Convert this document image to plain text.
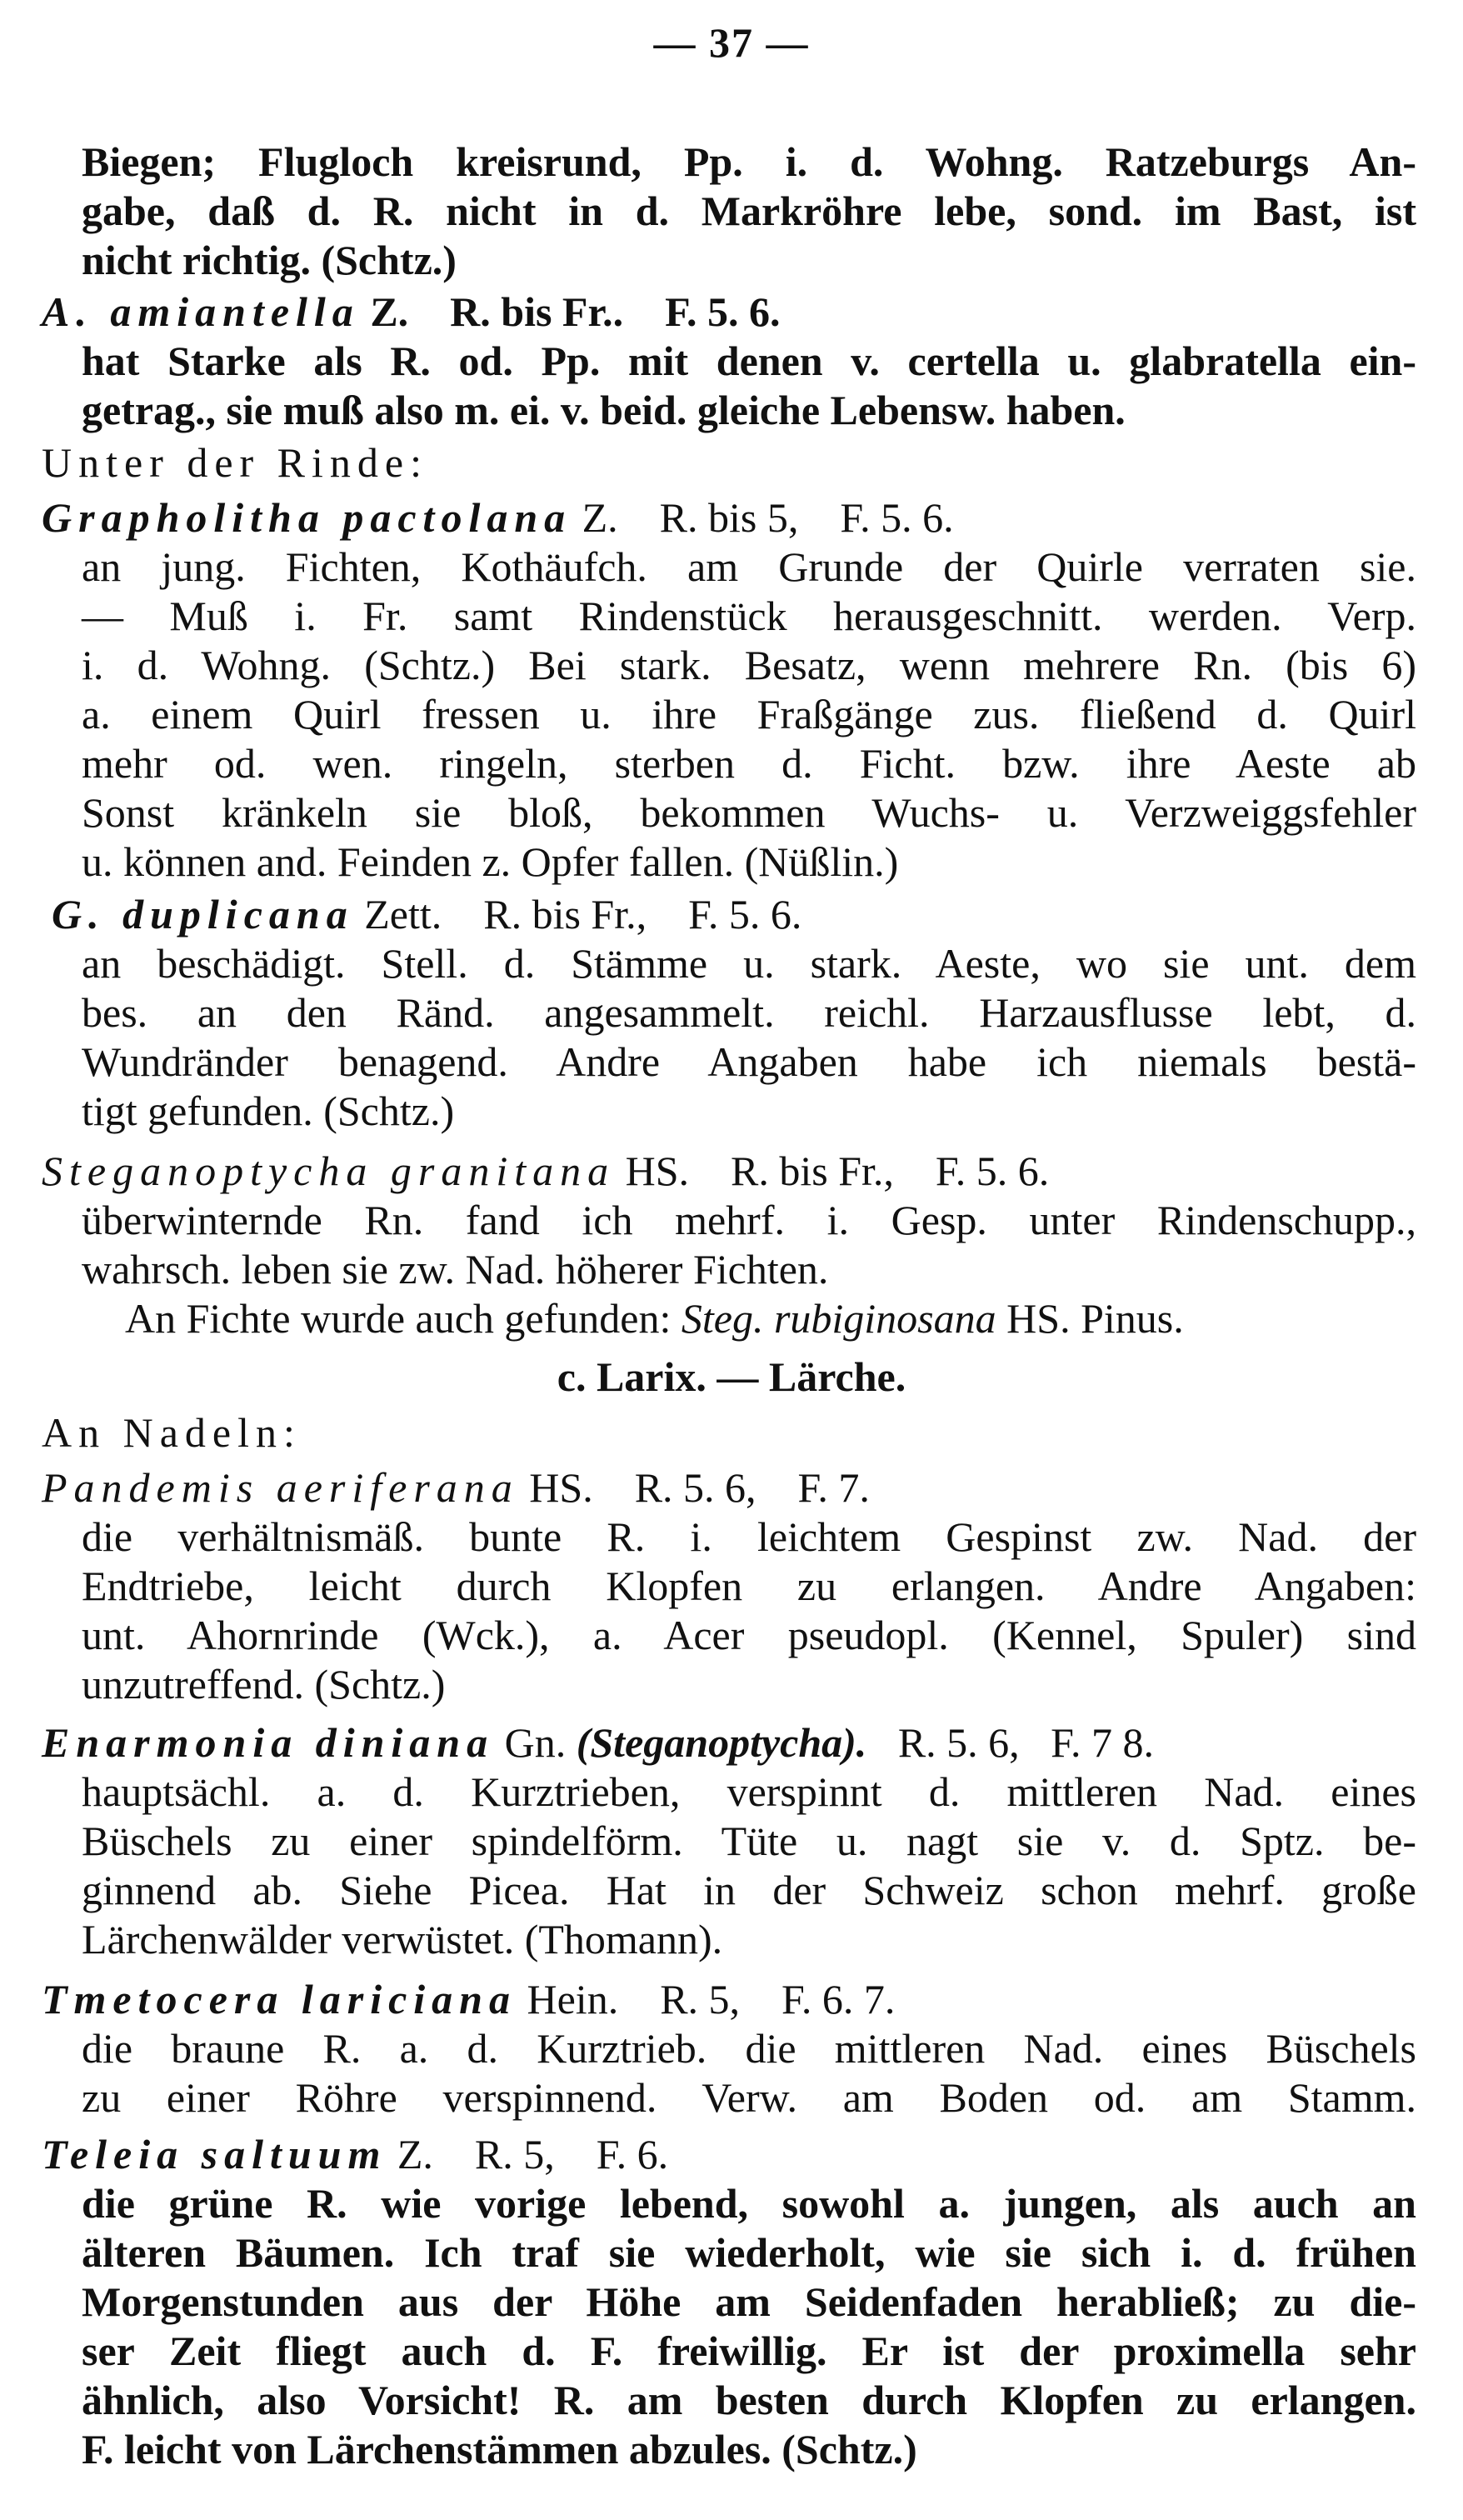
— 37 —
Biegen; Flugloch kreisrund, Pp. i. d. Wohng. Ratzeburgs An-
gabe, daß d. R. nicht in d. Markröhre lebe, sond. im Bast, ist
nicht richtig. (Schtz.)
A. amiantella Z.    R. bis Fr..    F. 5. 6.
hat Starke als R. od. Pp. mit denen v. certella u. glabratella ein-
getrag., sie muß also m. ei. v. beid. gleiche Lebensw. haben.
Unter der Rinde:
Grapholitha pactolana Z.    R. bis 5,    F. 5. 6.
an jung. Fichten, Kothäufch. am Grunde der Quirle verraten sie.
— Muß i. Fr. samt Rindenstück herausgeschnitt. werden. Verp.
i. d. Wohng. (Schtz.) Bei stark. Besatz, wenn mehrere Rn. (bis 6)
a. einem Quirl fressen u. ihre Fraßgänge zus. fließend d. Quirl
mehr od. wen. ringeln, sterben d. Ficht. bzw. ihre Aeste ab
Sonst kränkeln sie bloß, bekommen Wuchs- u. Verzweiggsfehler
u. können and. Feinden z. Opfer fallen. (Nüßlin.)
G. duplicana Zett.    R. bis Fr.,    F. 5. 6.
an beschädigt. Stell. d. Stämme u. stark. Aeste, wo sie unt. dem
bes. an den Ränd. angesammelt. reichl. Harzausflusse lebt, d.
Wundränder benagend. Andre Angaben habe ich niemals bestä-
tigt gefunden. (Schtz.)
Steganoptycha granitana HS.    R. bis Fr.,    F. 5. 6.
überwinternde Rn. fand ich mehrf. i. Gesp. unter Rindenschupp.,
wahrsch. leben sie zw. Nad. höherer Fichten.
An Fichte wurde auch gefunden: Steg. rubiginosana HS. Pinus.
c. Larix. — Lärche.
An Nadeln:
Pandemis aeriferana HS.    R. 5. 6,    F. 7.
die verhältnismäß. bunte R. i. leichtem Gespinst zw. Nad. der
Endtriebe, leicht durch Klopfen zu erlangen. Andre Angaben:
unt. Ahornrinde (Wck.), a. Acer pseudopl. (Kennel, Spuler) sind
unzutreffend. (Schtz.)
Enarmonia diniana Gn. (Steganoptycha).   R. 5. 6,   F. 7 8.
hauptsächl. a. d. Kurztrieben, verspinnt d. mittleren Nad. eines
Büschels zu einer spindelförm. Tüte u. nagt sie v. d. Sptz. be-
ginnend ab. Siehe Picea. Hat in der Schweiz schon mehrf. große
Lärchenwälder verwüstet. (Thomann).
Tmetocera lariciana Hein.    R. 5,    F. 6. 7.
die braune R. a. d. Kurztrieb. die mittleren Nad. eines Büschels
zu einer Röhre verspinnend. Verw. am Boden od. am Stamm.
Teleia saltuum Z.    R. 5,    F. 6.
die grüne R. wie vorige lebend, sowohl a. jungen, als auch an
älteren Bäumen. Ich traf sie wiederholt, wie sie sich i. d. frühen
Morgenstunden aus der Höhe am Seidenfaden herabließ; zu die-
ser Zeit fliegt auch d. F. freiwillig. Er ist der proximella sehr
ähnlich, also Vorsicht! R. am besten durch Klopfen zu erlangen.
F. leicht von Lärchenstämmen abzules. (Schtz.)
